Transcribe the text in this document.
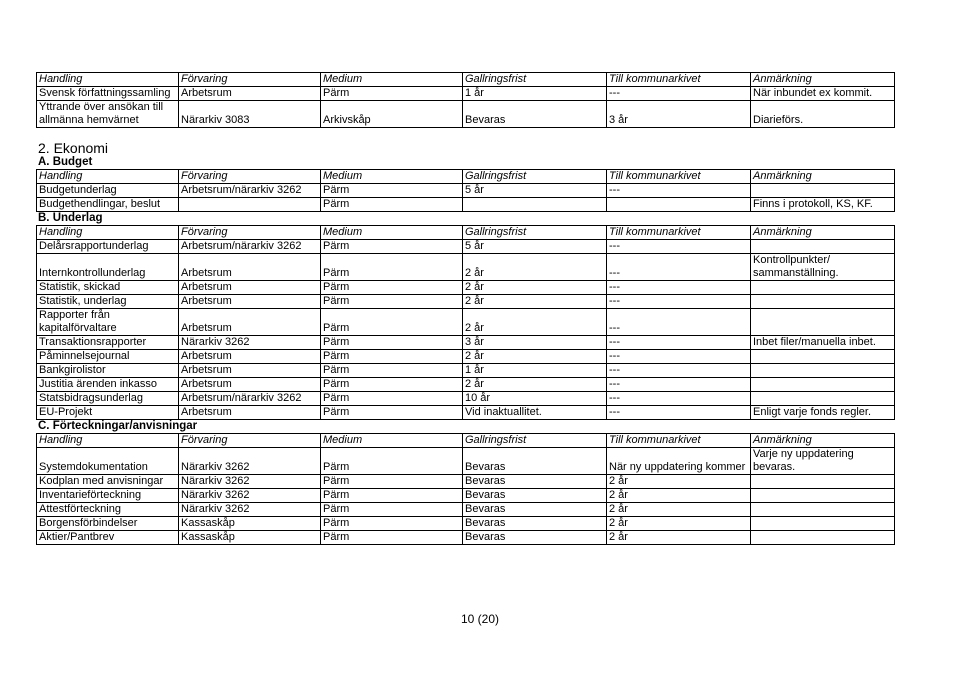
Handling	Förvaring	Medium	Gallringsfrist	Till kommunarkivet	Anmärkning
Svensk författningssamling	Arbetsrum	Pärm	1 år	---	När inbundet ex kommit.
Yttrande över ansökan till allmänna hemvärnet	Närarkiv 3083	Arkivskåp	Bevaras	3 år	Diarieförs.
2. Ekonomi
A. Budget
Handling	Förvaring	Medium	Gallringsfrist	Till kommunarkivet	Anmärkning
Budgetunderlag	Arbetsrum/närarkiv 3262	Pärm	5 år	---	
Budgethendlingar, beslut		Pärm			Finns i protokoll, KS, KF.
B. Underlag
Handling	Förvaring	Medium	Gallringsfrist	Till kommunarkivet	Anmärkning
Delårsrapportunderlag	Arbetsrum/närarkiv 3262	Pärm	5 år	---	
Internkontrollunderlag	Arbetsrum	Pärm	2 år	---	Kontrollpunkter/ sammanställning.
Statistik, skickad	Arbetsrum	Pärm	2 år	---	
Statistik, underlag	Arbetsrum	Pärm	2 år	---	
Rapporter från kapitalförvaltare	Arbetsrum	Pärm	2 år	---	
Transaktionsrapporter	Närarkiv 3262	Pärm	3 år	---	Inbet filer/manuella inbet.
Påminnelsejournal	Arbetsrum	Pärm	2 år	---	
Bankgirolistor	Arbetsrum	Pärm	1 år	---	
Justitia ärenden inkasso	Arbetsrum	Pärm	2 år	---	
Statsbidragsunderlag	Arbetsrum/närarkiv 3262	Pärm	10 år	---	
EU-Projekt	Arbetsrum	Pärm	Vid inaktuallitet.	---	Enligt varje fonds regler.
C. Förteckningar/anvisningar
Handling	Förvaring	Medium	Gallringsfrist	Till kommunarkivet	Anmärkning
Systemdokumentation	Närarkiv 3262	Pärm	Bevaras	När ny uppdatering kommer	Varje ny uppdatering bevaras.
Kodplan med anvisningar	Närarkiv 3262	Pärm	Bevaras	2 år	
Inventarieförteckning	Närarkiv 3262	Pärm	Bevaras	2 år	
Attestförteckning	Närarkiv 3262	Pärm	Bevaras	2 år	
Borgensförbindelser	Kassaskåp	Pärm	Bevaras	2 år	
Aktier/Pantbrev	Kassaskåp	Pärm	Bevaras	2 år	
10 (20)
